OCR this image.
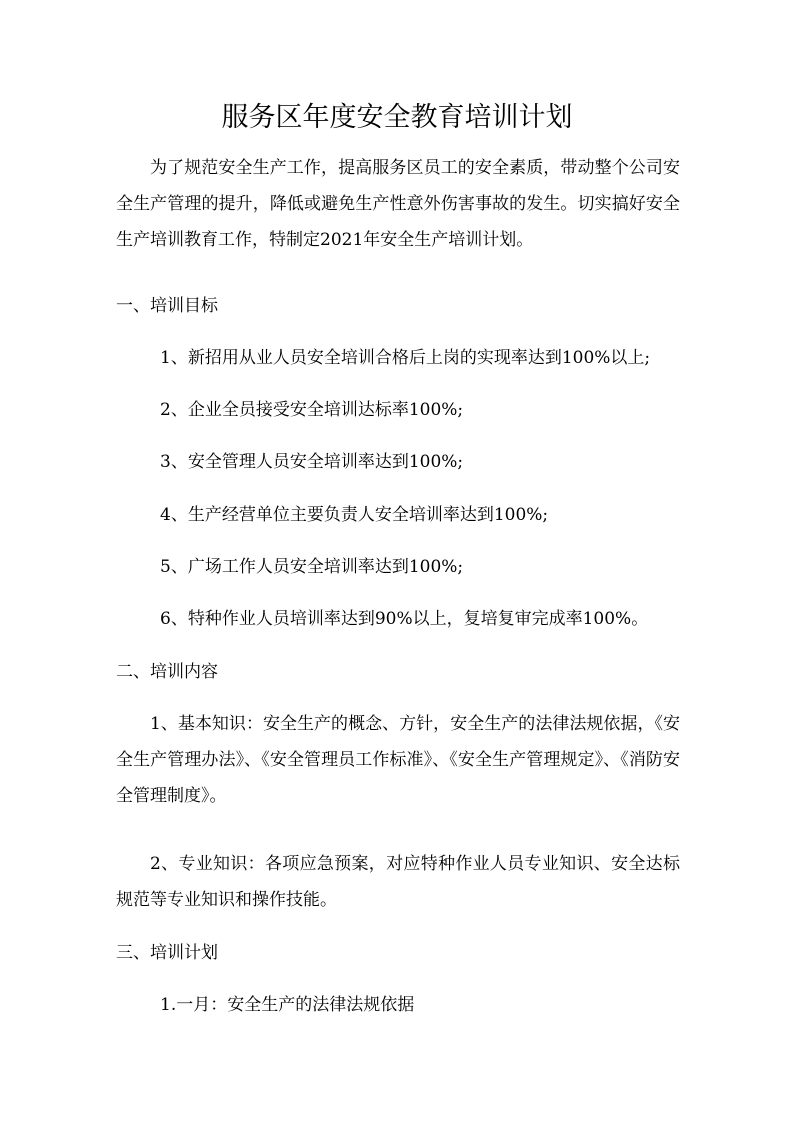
服务区年度安全教育培训计划
为了规范安全生产工作，提高服务区员工的安全素质，带动整个公司安全生产管理的提升，降低或避免生产性意外伤害事故的发生。切实搞好安全生产培训教育工作，特制定2021年安全生产培训计划。
一、培训目标
1、新招用从业人员安全培训合格后上岗的实现率达到100%以上;
2、企业全员接受安全培训达标率100%;
3、安全管理人员安全培训率达到100%;
4、生产经营单位主要负责人安全培训率达到100%;
5、广场工作人员安全培训率达到100%;
6、特种作业人员培训率达到90%以上，复培复审完成率100%。
二、培训内容
1、基本知识：安全生产的概念、方针，安全生产的法律法规依据，《安全生产管理办法》、《安全管理员工作标准》、《安全生产管理规定》、《消防安全管理制度》。
2、专业知识：各项应急预案，对应特种作业人员专业知识、安全达标规范等专业知识和操作技能。
三、培训计划
1.一月：安全生产的法律法规依据
